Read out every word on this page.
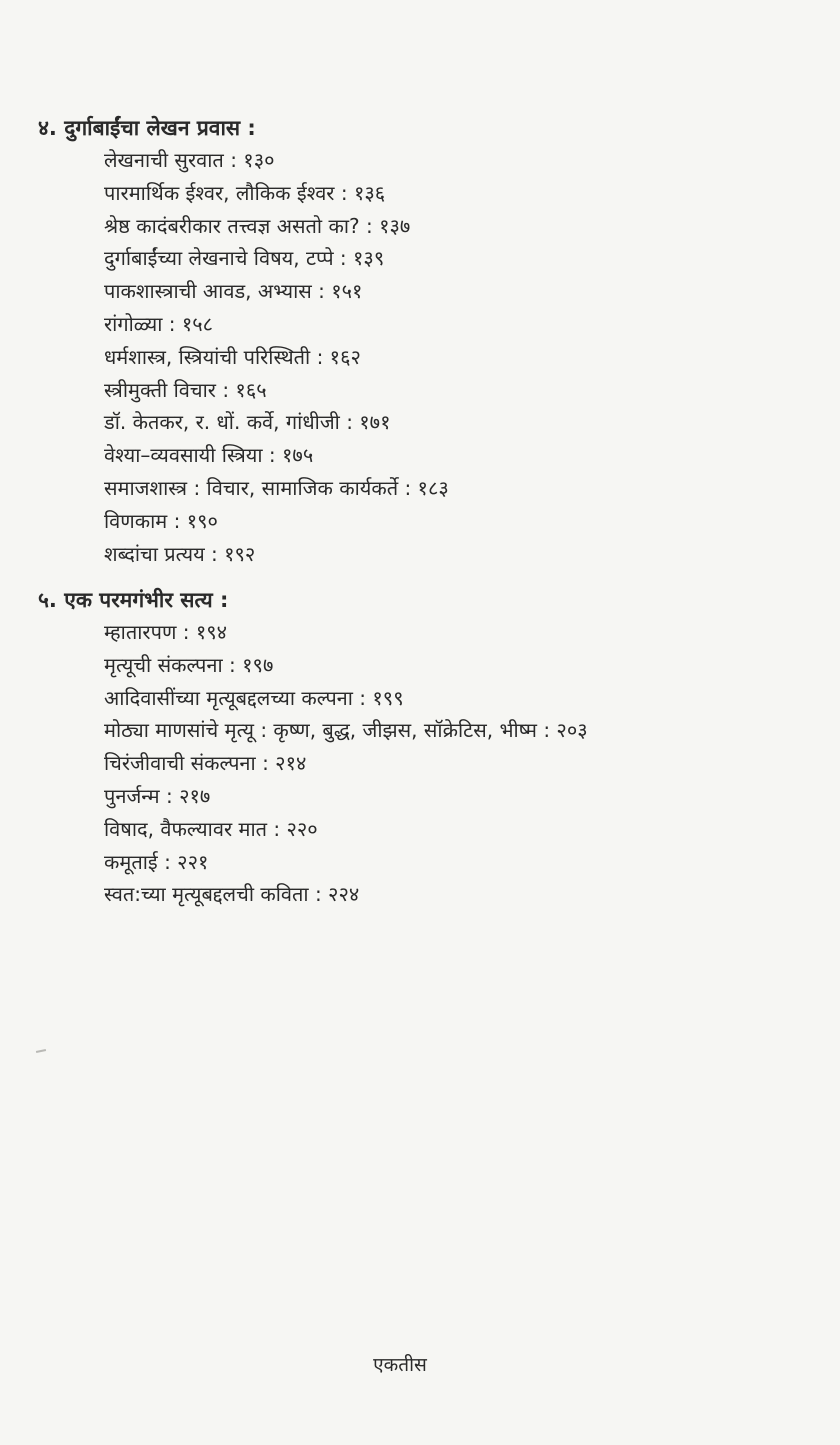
४. दुर्गाबाईंचा लेखन प्रवास :
लेखनाची सुरवात : १३०
पारमार्थिक ईश्वर, लौकिक ईश्वर : १३६
श्रेष्ठ कादंबरीकार तत्त्वज्ञ असतो का? : १३७
दुर्गाबाईंच्या लेखनाचे विषय, टप्पे : १३९
पाकशास्त्राची आवड, अभ्यास : १५१
रांगोळ्या : १५८
धर्मशास्त्र, स्त्रियांची परिस्थिती : १६२
स्त्रीमुक्ती विचार : १६५
डॉ. केतकर, र. धों. कर्वे, गांधीजी : १७१
वेश्या–व्यवसायी स्त्रिया : १७५
समाजशास्त्र : विचार, सामाजिक कार्यकर्ते : १८३
विणकाम : १९०
शब्दांचा प्रत्यय : १९२
५. एक परमगंभीर सत्य :
म्हातारपण : १९४
मृत्यूची संकल्पना : १९७
आदिवासींच्या मृत्यूबद्दलच्या कल्पना : १९९
मोठ्या माणसांचे मृत्यू : कृष्ण, बुद्ध, जीझस, सॉक्रेटिस, भीष्म : २०३
चिरंजीवाची संकल्पना : २१४
पुनर्जन्म : २१७
विषाद, वैफल्यावर मात : २२०
कमूताई : २२१
स्वत:च्या मृत्यूबद्दलची कविता : २२४
एकतीस
